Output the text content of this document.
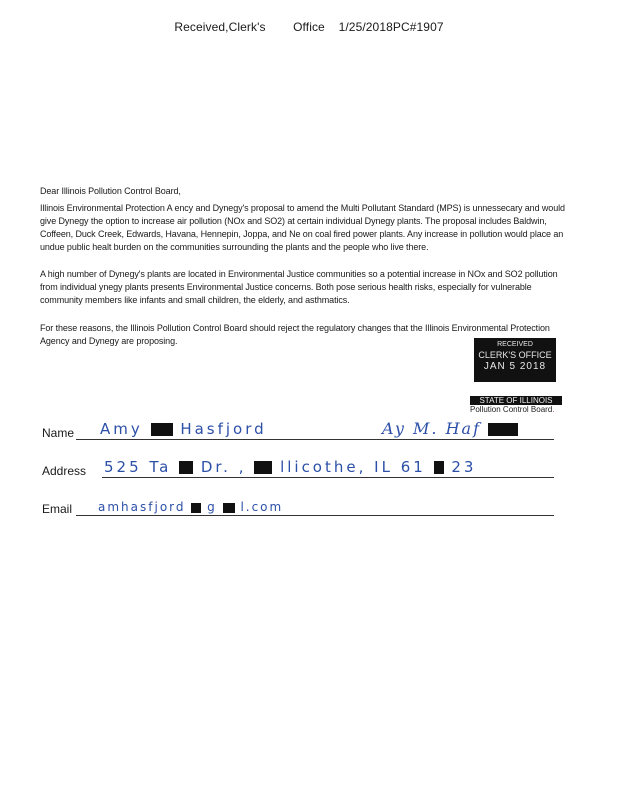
Received,Clerk's Office 1/25/2018PC#1907
Dear Illinois Pollution Control Board,

Illinois Environmental Protection A ency and Dynegy's proposal to amend the Multi Pollutant Standard (MPS) is unnessecary and would give Dynegy the option to increase air pollution (NOx and SO2) at certain individual Dynegy plants. The proposal includes Baldwin, Coffeen, Duck Creek, Edwards, Havana, Hennepin, Joppa, and Ne on coal fired power plants. Any increase in pollution would place an undue public healt burden on the communities surrounding the plants and the people who live there.

A high number of Dynegy's plants are located in Environmental Justice communities so a potential increase in NOx and SO2 pollution from individual ynegy plants presents Environmental Justice concerns. Both pose serious health risks, especially for vulnerable community members like infants and small children, the elderly, and asthmatics.

For these reasons, the Illinois Pollution Control Board should reject the regulatory changes that the Illinois Environmental Protection Agency and Dynegy are proposing.	RECEIVED
CLERK'S OFFICE
JAN 5 2018
STATE OF ILLINOIS
Pollution Control Board.
Name Amy	Hasfjord	Ay M. Haf
Address 525 Ta Dr. , llicothe, IL 61 23
Email amhasfjord g l.com
